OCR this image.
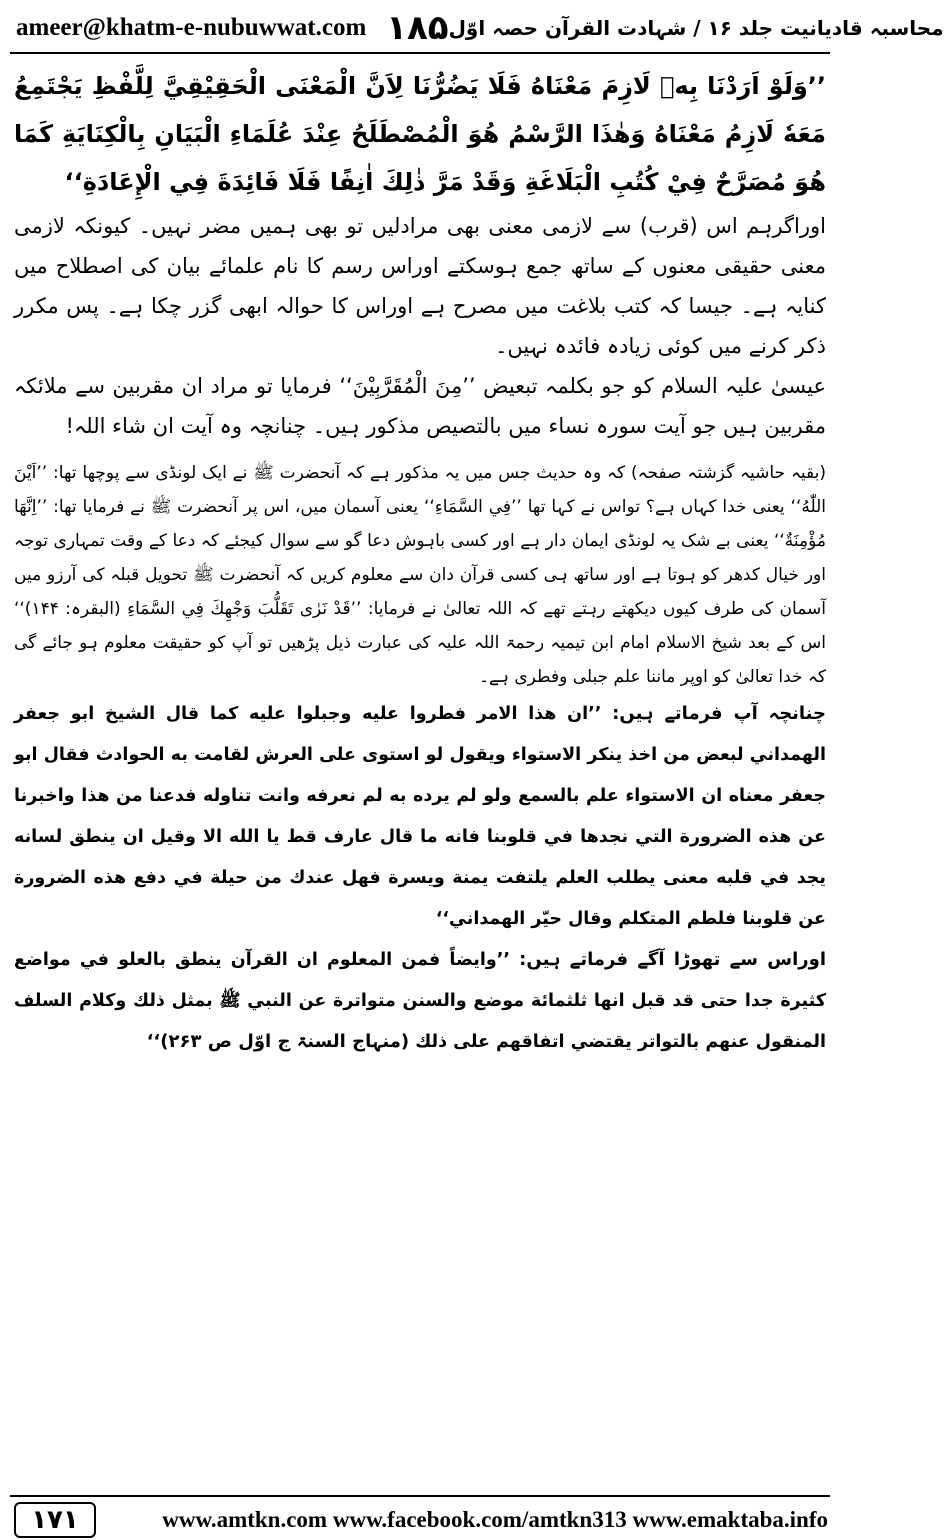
ameer@khatm-e-nubuwwat.com ۱۸۵ محاسبہ قادیانیت جلد ۱۶ / شہادت القرآن حصہ اوّل

’’وَلَوْ اَرَدْنَا بِهٖ لَازِمَ مَعْنَاهُ فَلَا يَضُرُّنَا لِاَنَّ الْمَعْنَى الْحَقِيْقِيَّ لِلَّفْظِ يَجْتَمِعُ مَعَهٗ لَازِمُ مَعْنَاهُ وَهٰذَا الرَّسْمُ هُوَ الْمُصْطَلَحُ عِنْدَ عُلَمَاءِ الْبَيَانِ بِالْكِنَايَةِ كَمَا هُوَ مُصَرَّحٌ فِيْ كُتُبِ الْبَلَاغَةِ وَقَدْ مَرَّ ذٰلِكَ اٰنِفًا فَلَا فَائِدَةَ فِي الْإِعَادَةِ‘‘

اوراگرہم اس (قرب) سے لازمی معنی بھی مرادلیں تو بھی ہمیں مضر نہیں۔ کیونکہ لازمی معنی حقیقی معنوں کے ساتھ جمع ہوسکتے اوراس رسم کا نام علمائے بیان کی اصطلاح میں کنایہ ہے۔ جیسا کہ کتب بلاغت میں مصرح ہے اوراس کا حوالہ ابھی گزر چکا ہے۔ پس مکرر ذکر کرنے میں کوئی زیادہ فائدہ نہیں۔

عیسیٰ علیہ السلام کو جو بکلمہ تبعیض ’’مِنَ الْمُقَرَّبِيْنَ‘‘ فرمایا تو مراد ان مقربین سے ملائکہ مقربین ہیں جو آیت سورہ نساء میں بالتصیص مذکور ہیں۔ چنانچہ وہ آیت ان شاء اللہ!

(بقیہ حاشیہ گزشتہ صفحہ) کہ وہ حدیث جس میں یہ مذکور ہے کہ آنحضرت ﷺ نے ایک لونڈی سے پوچھا تھا: ’’اَيْنَ اللّٰهُ‘‘ یعنی خدا کہاں ہے؟ تواس نے کہا تھا ’’فِي السَّمَاءِ‘‘ یعنی آسمان میں، اس پر آنحضرت ﷺ نے فرمایا تھا: ’’اِنَّهَا مُؤْمِنَةٌ‘‘ یعنی بے شک یہ لونڈی ایمان دار ہے اور کسی باہوش دعا گو سے سوال کیجئے کہ دعا کے وقت تمہاری توجہ اور خیال کدھر کو ہوتا ہے اور ساتھ ہی کسی قرآن دان سے معلوم کریں کہ آنحضرت ﷺ تحویل قبلہ کی آرزو میں آسمان کی طرف کیوں دیکھتے رہتے تھے کہ اللہ تعالیٰ نے فرمایا: ’’قَدْ نَرٰى تَقَلُّبَ وَجْهِكَ فِي السَّمَاءِ (البقرہ: ۱۴۴)‘‘ اس کے بعد شیخ الاسلام امام ابن تیمیہ رحمۃ اللہ علیہ کی عبارت ذیل پڑھیں تو آپ کو حقیقت معلوم ہو جائے گی کہ خدا تعالیٰ کو اوپر ماننا علم جبلی وفطری ہے۔

چنانچہ آپ فرماتے ہیں: ’’ان هذا الامر فطروا عليه وجبلوا عليه كما قال الشيخ ابو جعفر الهمداني لبعض من اخذ ينكر الاستواء ويقول لو استوى على العرش لقامت به الحوادث فقال ابو جعفر معناه ان الاستواء علم بالسمع ولو لم يرده به لم نعرفه وانت تناوله فدعنا من هذا واخبرنا عن هذه الضرورة التي نجدها في قلوبنا فانه ما قال عارف قط يا الله الا وقيل ان ينطق لسانه يجد في قلبه معنى يطلب العلم يلتفت يمنة ويسرة فهل عندك من حيلة في دفع هذه الضرورة عن قلوبنا فلطم المتكلم وقال حيّر الهمداني‘‘

اوراس سے تھوڑا آگے فرماتے ہیں: ’’وايضاً فمن المعلوم ان القرآن ينطق بالعلو في مواضع كثيرة جدا حتى قد قبل انها ثلثمائة موضع والسنن متواترة عن النبي ﷺ بمثل ذلك وكلام السلف المنقول عنهم بالتواتر يقتضي اتفاقهم على ذلك (منہاج السنۃ ج اوّل ص ۲۶۳)‘‘

۱۷۱	www.amtkn.com www.facebook.com/amtkn313 www.emaktaba.info
